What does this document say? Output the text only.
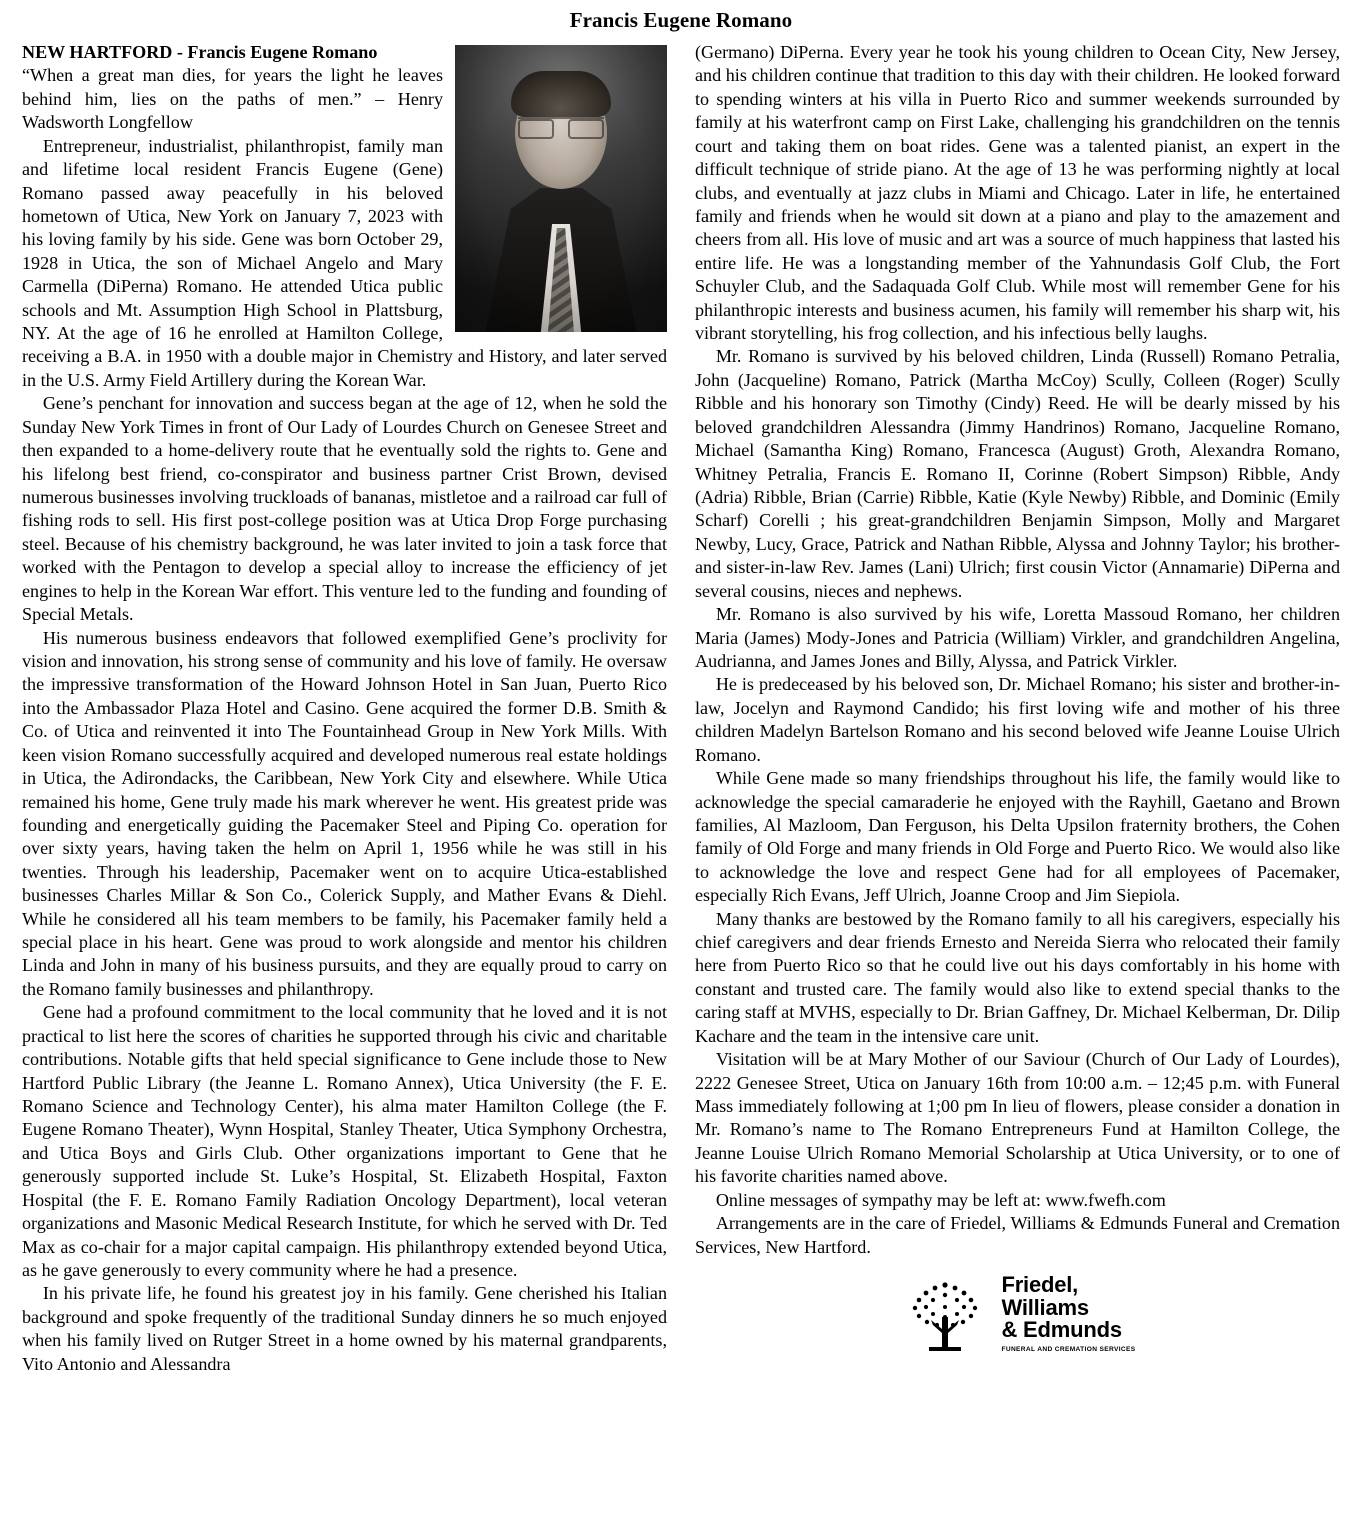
Francis Eugene Romano

NEW HARTFORD - Francis Eugene Romano

“When a great man dies, for years the light he leaves behind him, lies on the paths of men.” – Henry Wadsworth Longfellow

Entrepreneur, industrialist, philanthropist, family man and lifetime local resident Francis Eugene (Gene) Romano passed away peacefully in his beloved hometown of Utica, New York on January 7, 2023 with his loving family by his side. Gene was born October 29, 1928 in Utica, the son of Michael Angelo and Mary Carmella (DiPerna) Romano. He attended Utica public schools and Mt. Assumption High School in Plattsburg, NY. At the age of 16 he enrolled at Hamilton College, receiving a B.A. in 1950 with a double major in Chemistry and History, and later served in the U.S. Army Field Artillery during the Korean War.

Gene’s penchant for innovation and success began at the age of 12, when he sold the Sunday New York Times in front of Our Lady of Lourdes Church on Genesee Street and then expanded to a home-delivery route that he eventually sold the rights to. Gene and his lifelong best friend, co-conspirator and business partner Crist Brown, devised numerous businesses involving truckloads of bananas, mistletoe and a railroad car full of fishing rods to sell. His first post-college position was at Utica Drop Forge purchasing steel. Because of his chemistry background, he was later invited to join a task force that worked with the Pentagon to develop a special alloy to increase the efficiency of jet engines to help in the Korean War effort. This venture led to the funding and founding of Special Metals.

His numerous business endeavors that followed exemplified Gene’s proclivity for vision and innovation, his strong sense of community and his love of family. He oversaw the impressive transformation of the Howard Johnson Hotel in San Juan, Puerto Rico into the Ambassador Plaza Hotel and Casino. Gene acquired the former D.B. Smith & Co. of Utica and reinvented it into The Fountainhead Group in New York Mills. With keen vision Romano successfully acquired and developed numerous real estate holdings in Utica, the Adirondacks, the Caribbean, New York City and elsewhere. While Utica remained his home, Gene truly made his mark wherever he went. His greatest pride was founding and energetically guiding the Pacemaker Steel and Piping Co. operation for over sixty years, having taken the helm on April 1, 1956 while he was still in his twenties. Through his leadership, Pacemaker went on to acquire Utica-established businesses Charles Millar & Son Co., Colerick Supply, and Mather Evans & Diehl. While he considered all his team members to be family, his Pacemaker family held a special place in his heart. Gene was proud to work alongside and mentor his children Linda and John in many of his business pursuits, and they are equally proud to carry on the Romano family businesses and philanthropy.

Gene had a profound commitment to the local community that he loved and it is not practical to list here the scores of charities he supported through his civic and charitable contributions. Notable gifts that held special significance to Gene include those to New Hartford Public Library (the Jeanne L. Romano Annex), Utica University (the F. E. Romano Science and Technology Center), his alma mater Hamilton College (the F. Eugene Romano Theater), Wynn Hospital, Stanley Theater, Utica Symphony Orchestra, and Utica Boys and Girls Club. Other organizations important to Gene that he generously supported include St. Luke’s Hospital, St. Elizabeth Hospital, Faxton Hospital (the F. E. Romano Family Radiation Oncology Department), local veteran organizations and Masonic Medical Research Institute, for which he served with Dr. Ted Max as co-chair for a major capital campaign. His philanthropy extended beyond Utica, as he gave generously to every community where he had a presence.

In his private life, he found his greatest joy in his family. Gene cherished his Italian background and spoke frequently of the traditional Sunday dinners he so much enjoyed when his family lived on Rutger Street in a home owned by his maternal grandparents, Vito Antonio and Alessandra

(Germano) DiPerna. Every year he took his young children to Ocean City, New Jersey, and his children continue that tradition to this day with their children. He looked forward to spending winters at his villa in Puerto Rico and summer weekends surrounded by family at his waterfront camp on First Lake, challenging his grandchildren on the tennis court and taking them on boat rides. Gene was a talented pianist, an expert in the difficult technique of stride piano. At the age of 13 he was performing nightly at local clubs, and eventually at jazz clubs in Miami and Chicago. Later in life, he entertained family and friends when he would sit down at a piano and play to the amazement and cheers from all. His love of music and art was a source of much happiness that lasted his entire life. He was a longstanding member of the Yahnundasis Golf Club, the Fort Schuyler Club, and the Sadaquada Golf Club. While most will remember Gene for his philanthropic interests and business acumen, his family will remember his sharp wit, his vibrant storytelling, his frog collection, and his infectious belly laughs.

Mr. Romano is survived by his beloved children, Linda (Russell) Romano Petralia, John (Jacqueline) Romano, Patrick (Martha McCoy) Scully, Colleen (Roger) Scully Ribble and his honorary son Timothy (Cindy) Reed. He will be dearly missed by his beloved grandchildren Alessandra (Jimmy Handrinos) Romano, Jacqueline Romano, Michael (Samantha King) Romano, Francesca (August) Groth, Alexandra Romano, Whitney Petralia, Francis E. Romano II, Corinne (Robert Simpson) Ribble, Andy (Adria) Ribble, Brian (Carrie) Ribble, Katie (Kyle Newby) Ribble, and Dominic (Emily Scharf) Corelli ; his great-grandchildren Benjamin Simpson, Molly and Margaret Newby, Lucy, Grace, Patrick and Nathan Ribble, Alyssa and Johnny Taylor; his brother- and sister-in-law Rev. James (Lani) Ulrich; first cousin Victor (Annamarie) DiPerna and several cousins, nieces and nephews.

Mr. Romano is also survived by his wife, Loretta Massoud Romano, her children Maria (James) Mody-Jones and Patricia (William) Virkler, and grandchildren Angelina, Audrianna, and James Jones and Billy, Alyssa, and Patrick Virkler.

He is predeceased by his beloved son, Dr. Michael Romano; his sister and brother-in-law, Jocelyn and Raymond Candido; his first loving wife and mother of his three children Madelyn Bartelson Romano and his second beloved wife Jeanne Louise Ulrich Romano.

While Gene made so many friendships throughout his life, the family would like to acknowledge the special camaraderie he enjoyed with the Rayhill, Gaetano and Brown families, Al Mazloom, Dan Ferguson, his Delta Upsilon fraternity brothers, the Cohen family of Old Forge and many friends in Old Forge and Puerto Rico. We would also like to acknowledge the love and respect Gene had for all employees of Pacemaker, especially Rich Evans, Jeff Ulrich, Joanne Croop and Jim Siepiola.

Many thanks are bestowed by the Romano family to all his caregivers, especially his chief caregivers and dear friends Ernesto and Nereida Sierra who relocated their family here from Puerto Rico so that he could live out his days comfortably in his home with constant and trusted care. The family would also like to extend special thanks to the caring staff at MVHS, especially to Dr. Brian Gaffney, Dr. Michael Kelberman, Dr. Dilip Kachare and the team in the intensive care unit.

Visitation will be at Mary Mother of our Saviour (Church of Our Lady of Lourdes), 2222 Genesee Street, Utica on January 16th from 10:00 a.m. – 12;45 p.m. with Funeral Mass immediately following at 1;00 pm In lieu of flowers, please consider a donation in Mr. Romano’s name to The Romano Entrepreneurs Fund at Hamilton College, the Jeanne Louise Ulrich Romano Memorial Scholarship at Utica University, or to one of his favorite charities named above.

Online messages of sympathy may be left at: www.fwefh.com

Arrangements are in the care of Friedel, Williams & Edmunds Funeral and Cremation Services, New Hartford.

Friedel,
Williams
& Edmunds
FUNERAL AND CREMATION SERVICES
